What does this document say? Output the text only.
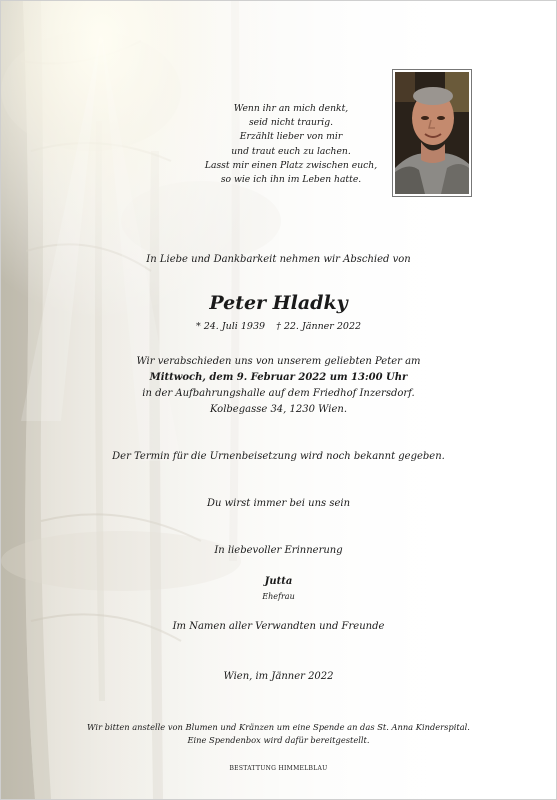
Wenn ihr an mich denkt,
seid nicht traurig.
Erzählt lieber von mir
und traut euch zu lachen.
Lasst mir einen Platz zwischen euch,
so wie ich ihn im Leben hatte.
In Liebe und Dankbarkeit nehmen wir Abschied von
Peter Hladky
* 24. Juli 1939 † 22. Jänner 2022
Wir verabschieden uns von unserem geliebten Peter am
Mittwoch, dem 9. Februar 2022 um 13:00 Uhr
in der Aufbahrungshalle auf dem Friedhof Inzersdorf.
Kolbegasse 34, 1230 Wien.
Der Termin für die Urnenbeisetzung wird noch bekannt gegeben.
Du wirst immer bei uns sein
In liebevoller Erinnerung
Jutta
Ehefrau
Im Namen aller Verwandten und Freunde
Wien, im Jänner 2022
Wir bitten anstelle von Blumen und Kränzen um eine Spende an das St. Anna Kinderspital.
Eine Spendenbox wird dafür bereitgestellt.
BESTATTUNG HIMMELBLAU
